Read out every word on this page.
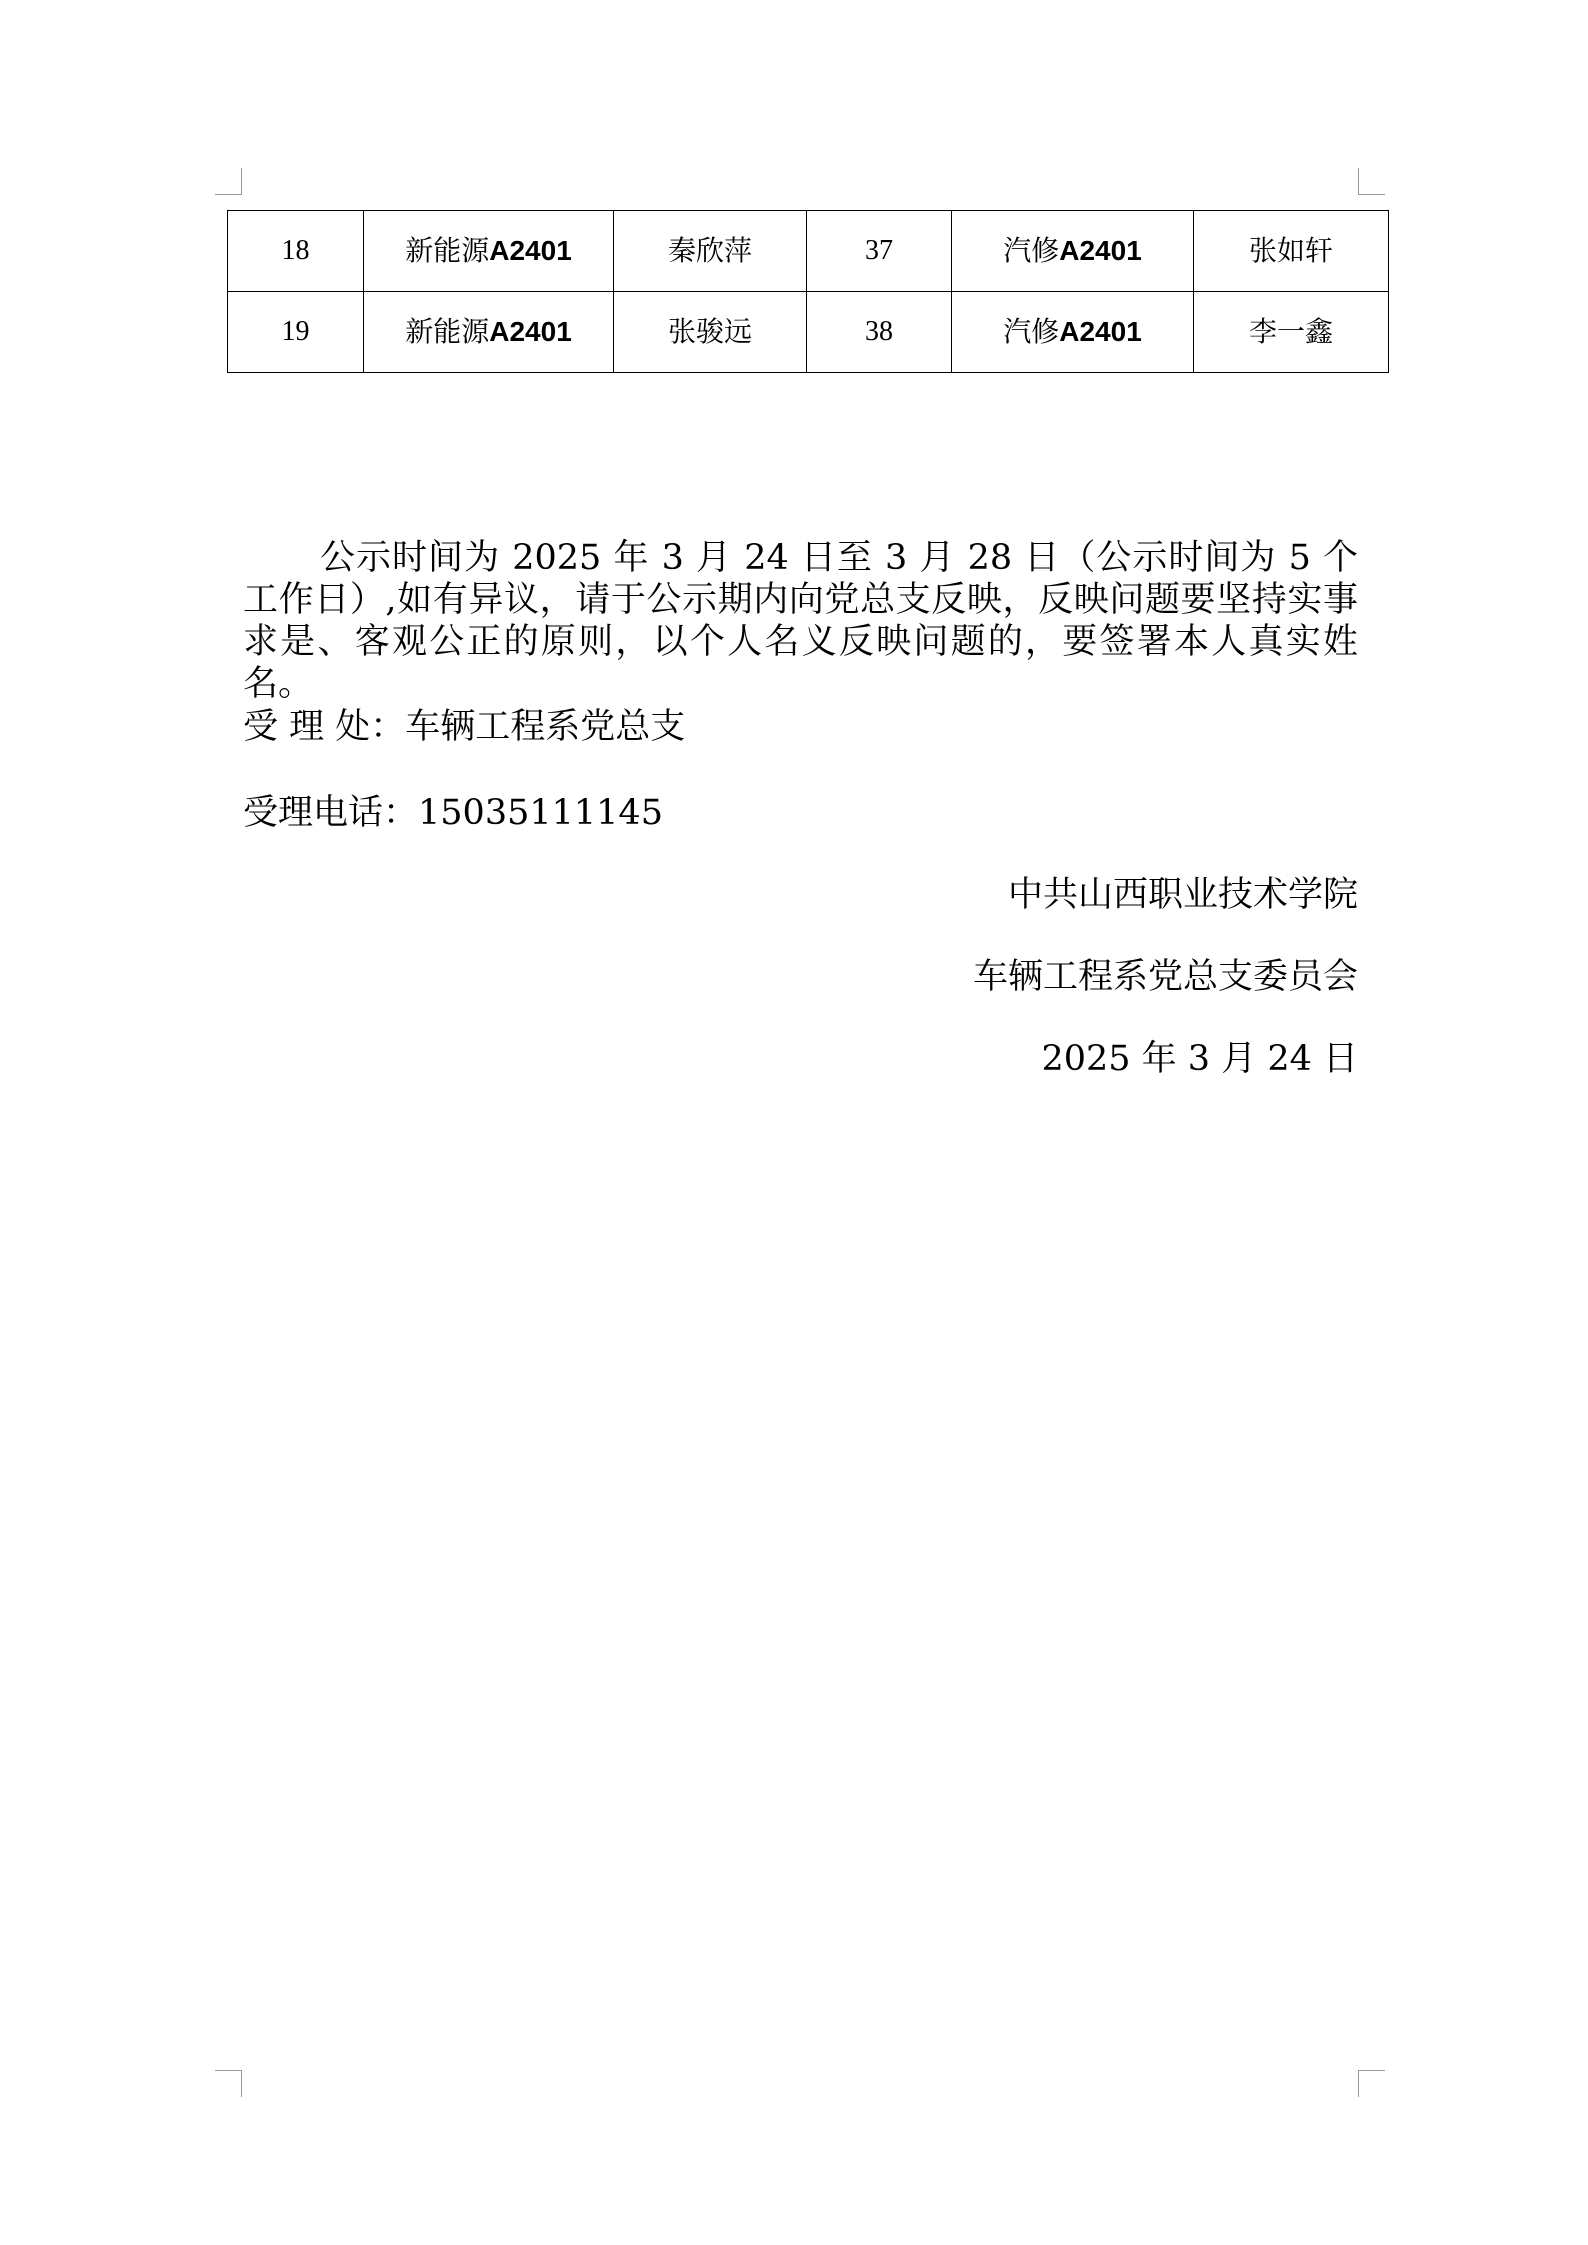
18	新能源A2401	秦欣萍	37	汽修A2401	张如轩
19	新能源A2401	张骏远	38	汽修A2401	李一鑫

公示时间为 2025 年 3 月 24 日至 3 月 28 日（公示时间为 5 个工作日）,如有异议，请于公示期内向党总支反映，反映问题要坚持实事求是、客观公正的原则，以个人名义反映问题的，要签署本人真实姓名。

受 理 处：车辆工程系党总支

受理电话：15035111145

中共山西职业技术学院

车辆工程系党总支委员会

2025 年 3 月 24 日
